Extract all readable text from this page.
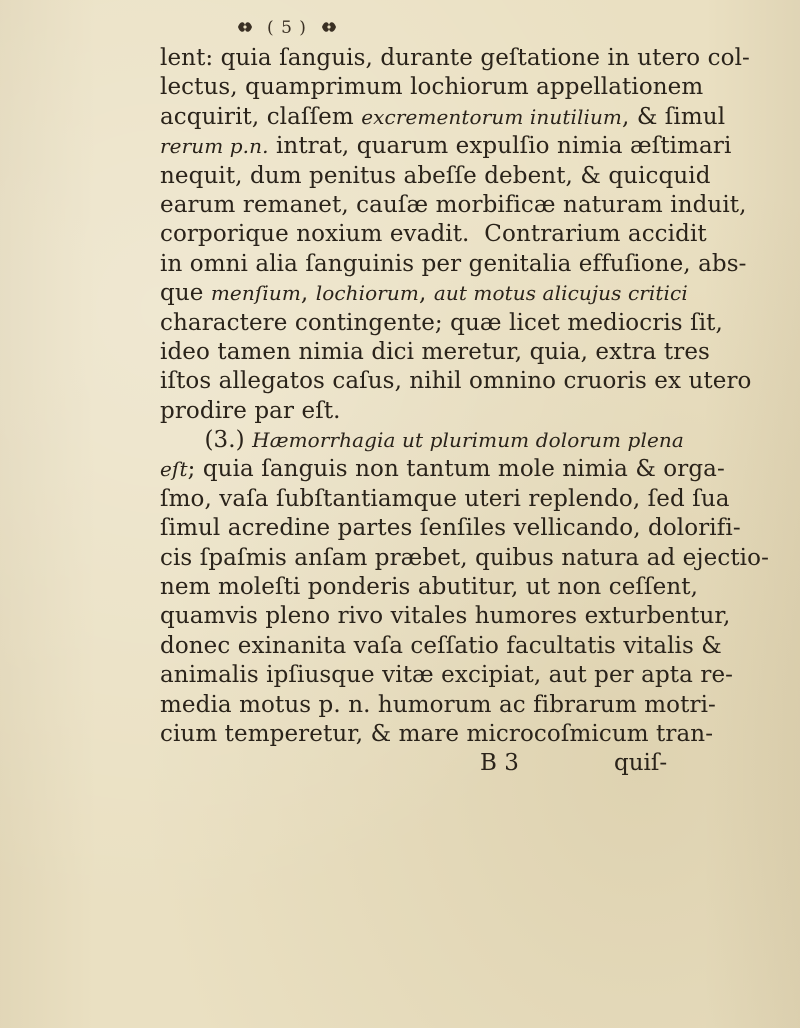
( 5 )
lent: quia ſanguis, durante geſtatione in utero col-
lectus, quamprimum lochiorum appellationem
acquirit, claſſem excrementorum inutilium, & ſimul
rerum p.n. intrat, quarum expulſio nimia æſtimari
nequit, dum penitus abeſſe debent, & quicquid
earum remanet, cauſæ morbificæ naturam induit,
corporique noxium evadit.  Contrarium accidit
in omni alia ſanguinis per genitalia effuſione, abs-
que menſium, lochiorum, aut motus alicujus critici
charactere contingente; quæ licet mediocris ſit,
ideo tamen nimia dici meretur, quia, extra tres
iſtos allegatos caſus, nihil omnino cruoris ex utero
prodire par eſt.
(3.) Hæmorrhagia ut plurimum dolorum plena
eſt; quia ſanguis non tantum mole nimia & orga-
ſmo, vaſa ſubſtantiamque uteri replendo, ſed ſua
ſimul acredine partes ſenſiles vellicando, dolorifi-
cis ſpaſmis anſam præbet, quibus natura ad ejectio-
nem moleſti ponderis abutitur, ut non ceſſent,
quamvis pleno rivo vitales humores exturbentur,
donec exinanita vaſa ceſſatio facultatis vitalis &
animalis ipſiusque vitæ excipiat, aut per apta re-
media motus p. n. humorum ac fibrarum motri-
cium temperetur, & mare microcoſmicum tran-
B 3	quiſ-
